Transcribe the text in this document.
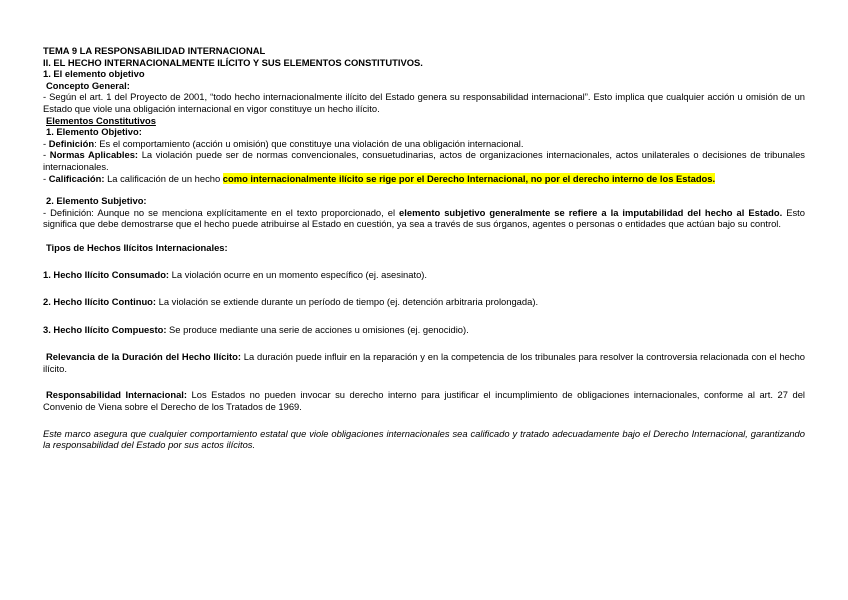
TEMA 9 LA RESPONSABILIDAD INTERNACIONAL
II. EL HECHO INTERNACIONALMENTE ILÍCITO Y SUS ELEMENTOS CONSTITUTIVOS.
1. El elemento objetivo
Concepto General:

- Según el art. 1 del Proyecto de 2001, “todo hecho internacionalmente ilícito del Estado genera su responsabilidad internacional”. Esto implica que cualquier acción u omisión de un Estado que viole una obligación internacional en vigor constituye un hecho ilícito.

Elementos Constitutivos
1. Elemento Objetivo:

- Definición: Es el comportamiento (acción u omisión) que constituye una violación de una obligación internacional.

- Normas Aplicables: La violación puede ser de normas convencionales, consuetudinarias, actos de organizaciones internacionales, actos unilaterales o decisiones de tribunales internacionales.

- Calificación: La calificación de un hecho como internacionalmente ilícito se rige por el Derecho Internacional, no por el derecho interno de los Estados.

2. Elemento Subjetivo:

- Definición: Aunque no se menciona explícitamente en el texto proporcionado, el elemento subjetivo generalmente se refiere a la imputabilidad del hecho al Estado. Esto significa que debe demostrarse que el hecho puede atribuirse al Estado en cuestión, ya sea a través de sus órganos, agentes o personas o entidades que actúan bajo su control.

Tipos de Hechos Ilícitos Internacionales:
1. Hecho Ilícito Consumado: La violación ocurre en un momento específico (ej. asesinato).
2. Hecho Ilícito Continuo: La violación se extiende durante un período de tiempo (ej. detención arbitraria prolongada).
3. Hecho Ilícito Compuesto: Se produce mediante una serie de acciones u omisiones (ej. genocidio).

Relevancia de la Duración del Hecho Ilícito: La duración puede influir en la reparación y en la competencia de los tribunales para resolver la controversia relacionada con el hecho ilícito.

Responsabilidad Internacional: Los Estados no pueden invocar su derecho interno para justificar el incumplimiento de obligaciones internacionales, conforme al art. 27 del Convenio de Viena sobre el Derecho de los Tratados de 1969.

Este marco asegura que cualquier comportamiento estatal que viole obligaciones internacionales sea calificado y tratado adecuadamente bajo el Derecho Internacional, garantizando la responsabilidad del Estado por sus actos ilícitos.
